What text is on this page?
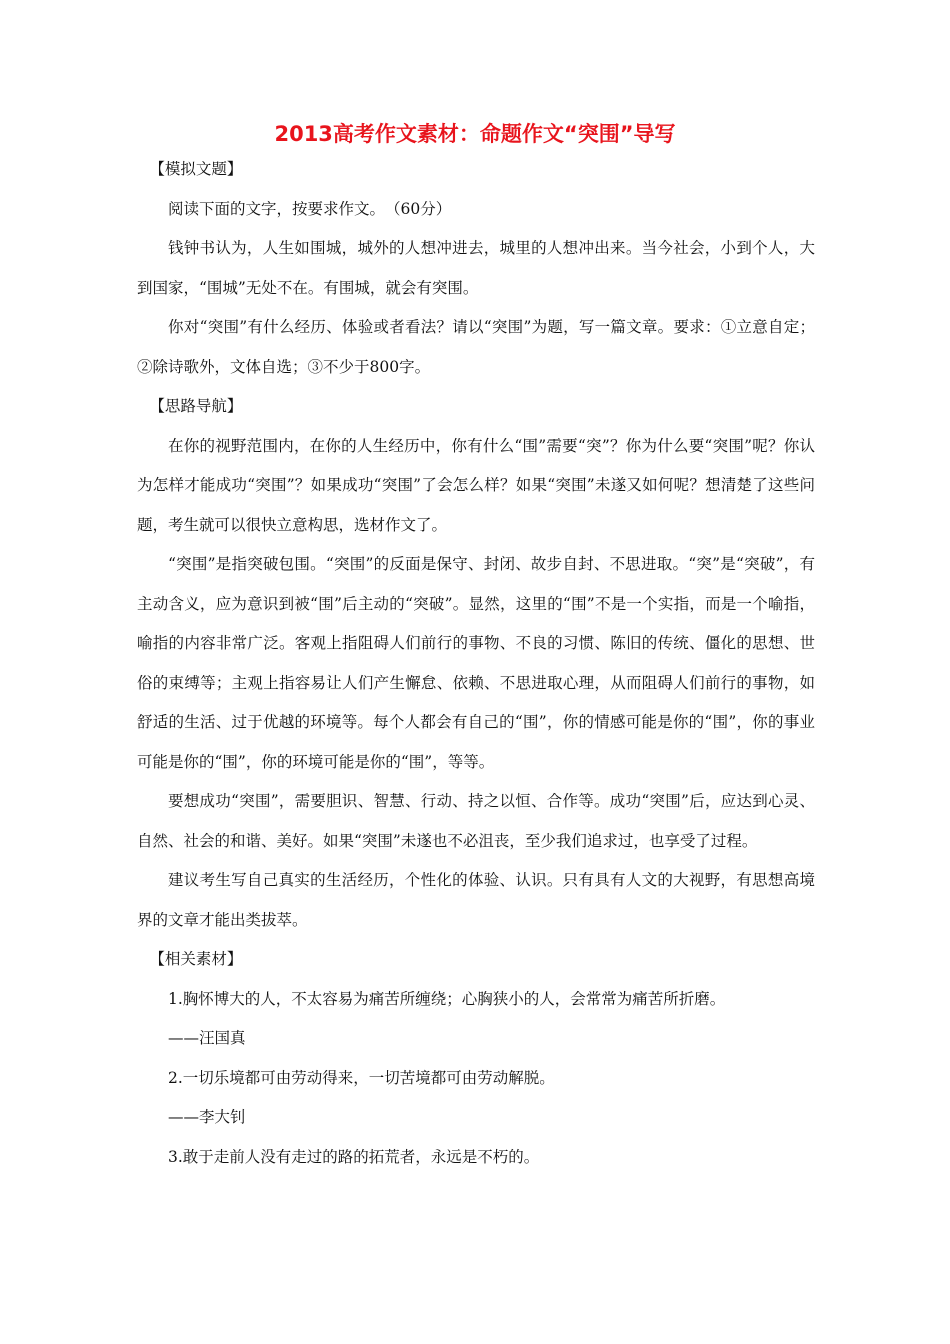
2013高考作文素材：命题作文“突围”导写

【模拟文题】

阅读下面的文字，按要求作文。　（60分）

钱钟书认为，人生如围城，城外的人想冲进去，城里的人想冲出来。当今社会，小到个人，大到国家，“围城”无处不在。有围城，就会有突围。

你对“突围”有什么经历、体验或者看法？请以“突围”为题，写一篇文章。要求：①立意自定；②除诗歌外，文体自选；③不少于800字。

【思路导航】

在你的视野范围内，在你的人生经历中，你有什么“围”需要“突”？你为什么要“突围”呢？你认为怎样才能成功“突围”？如果成功“突围”了会怎么样？如果“突围”未遂又如何呢？想清楚了这些问题，考生就可以很快立意构思，选材作文了。

“突围”是指突破包围。“突围”的反面是保守、封闭、故步自封、不思进取。“突”是“突破”，有主动含义，应为意识到被“围”后主动的“突破”。显然，这里的“围”不是一个实指，而是一个喻指，喻指的内容非常广泛。客观上指阻碍人们前行的事物、不良的习惯、陈旧的传统、僵化的思想、世俗的束缚等；主观上指容易让人们产生懈怠、依赖、不思进取心理，从而阻碍人们前行的事物，如舒适的生活、过于优越的环境等。每个人都会有自己的“围”，你的情感可能是你的“围”，你的事业可能是你的“围”，你的环境可能是你的“围”，等等。

要想成功“突围”，需要胆识、智慧、行动、持之以恒、合作等。成功“突围”后，应达到心灵、自然、社会的和谐、美好。如果“突围”未遂也不必沮丧，至少我们追求过，也享受了过程。

建议考生写自己真实的生活经历，个性化的体验、认识。只有具有人文的大视野，有思想高境界的文章才能出类拔萃。

【相关素材】

1.胸怀博大的人，不太容易为痛苦所缠绕；心胸狭小的人，会常常为痛苦所折磨。

——汪国真

2.一切乐境都可由劳动得来，一切苦境都可由劳动解脱。

——李大钊

3.敢于走前人没有走过的路的拓荒者，永远是不朽的。
